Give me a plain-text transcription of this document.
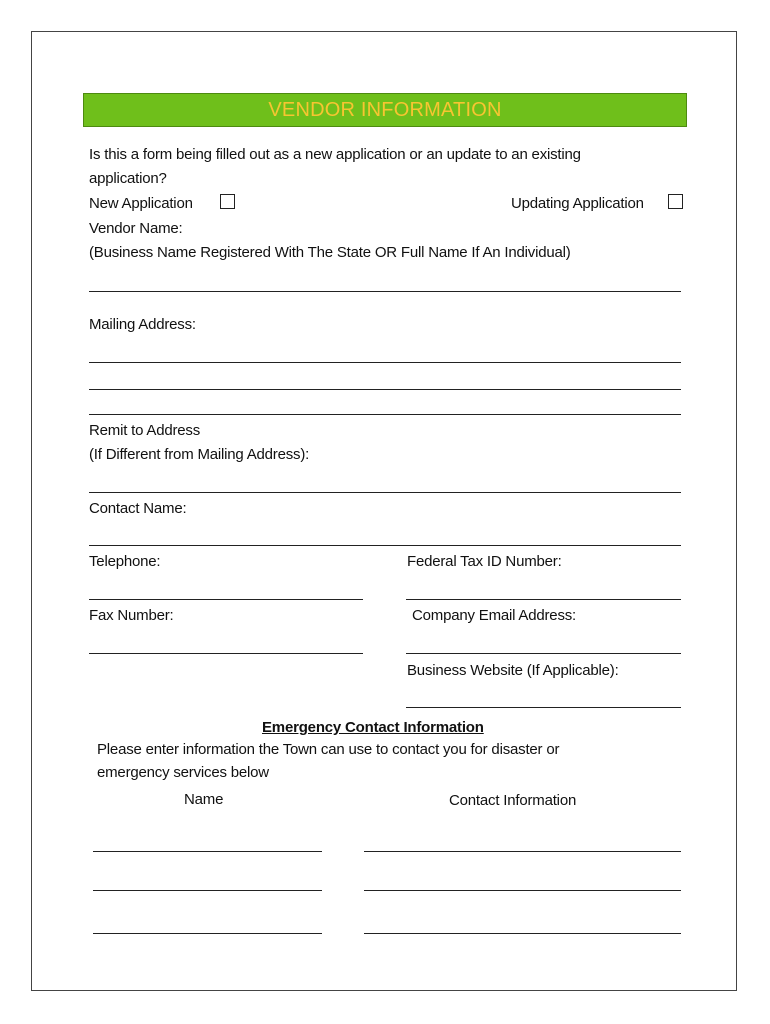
VENDOR INFORMATION
Is this a form being filled out as a new application or an update to an existing
application?
New Application	Updating Application
Vendor Name:
(Business Name Registered With The State OR Full Name If An Individual)
Mailing Address:
Remit to Address
(If Different from Mailing Address):
Contact Name:
Telephone:	Federal Tax ID Number:
Fax Number:	Company Email Address:
Business Website (If Applicable):
Emergency Contact Information
Please enter information the Town can use to contact you for disaster or
emergency services below
Name	Contact Information
